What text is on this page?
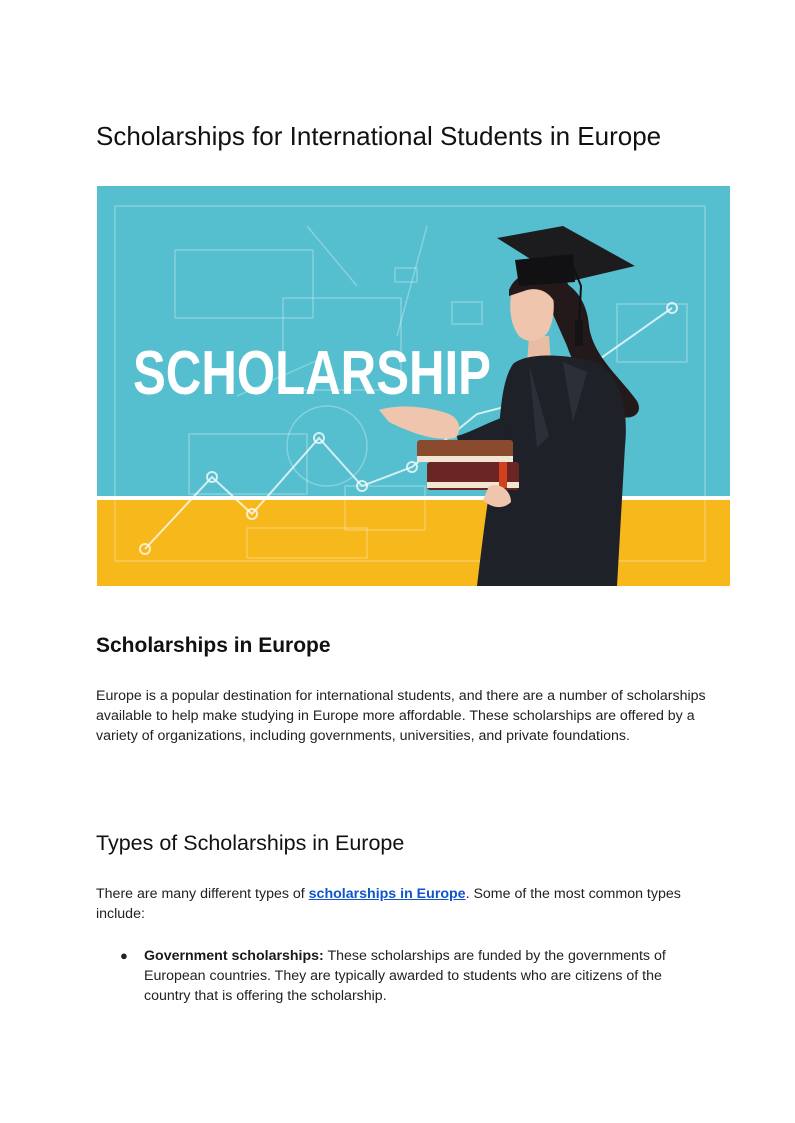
Scholarships for International Students in Europe
SCHOLARSHIP
Scholarships in Europe

Europe is a popular destination for international students, and there are a number of scholarships available to help make studying in Europe more affordable. These scholarships are offered by a variety of organizations, including governments, universities, and private foundations.

Types of Scholarships in Europe

There are many different types of scholarships in Europe. Some of the most common types include:

● Government scholarships: These scholarships are funded by the governments of European countries. They are typically awarded to students who are citizens of the country that is offering the scholarship.
